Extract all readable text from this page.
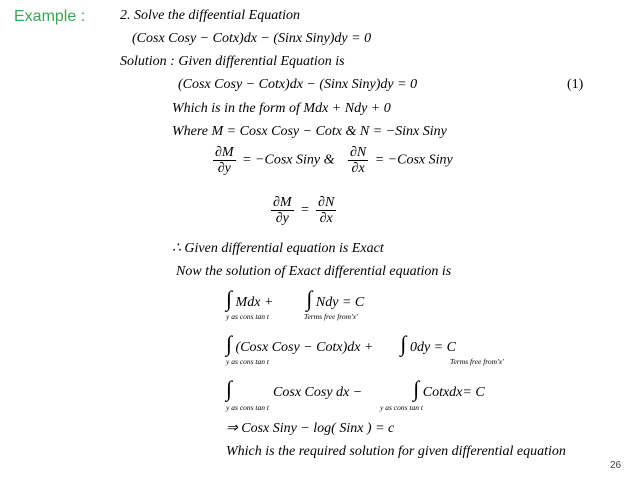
Example : 2. Solve the diffeential Equation
(Cosx Cosy − Cotx)dx − (Sinx Siny)dy = 0
Solution : Given differential Equation is
(Cosx Cosy − Cotx)dx − (Sinx Siny)dy = 0	(1)
Which is in the form of Mdx + Ndy + 0
Where M = Cosx Cosy − Cotx & N = −Sinx Siny
$\frac{\partial M}{\partial y}$ = −Cosx Siny & $\frac{\partial N}{\partial x}$ = −Cosx Siny
$\frac{\partial M}{\partial y} = \frac{\partial N}{\partial x}$
∴ Given differential equation is Exact
Now the solution of Exact differential equation is
∫ Mdx + ∫ Ndy = C
y as cons tan t	Terms free from'x'
∫ (Cosx Cosy − Cotx)dx + ∫ 0dy = C
y as cons tan t	Terms free from'x'
∫	Cosx Cosy dx − ∫ Cotxdx= C
y as cons tan t	y as cons tan t
⇒ Cosx Siny − log( Sinx ) = c
Which is the required solution for given differential equation
26
